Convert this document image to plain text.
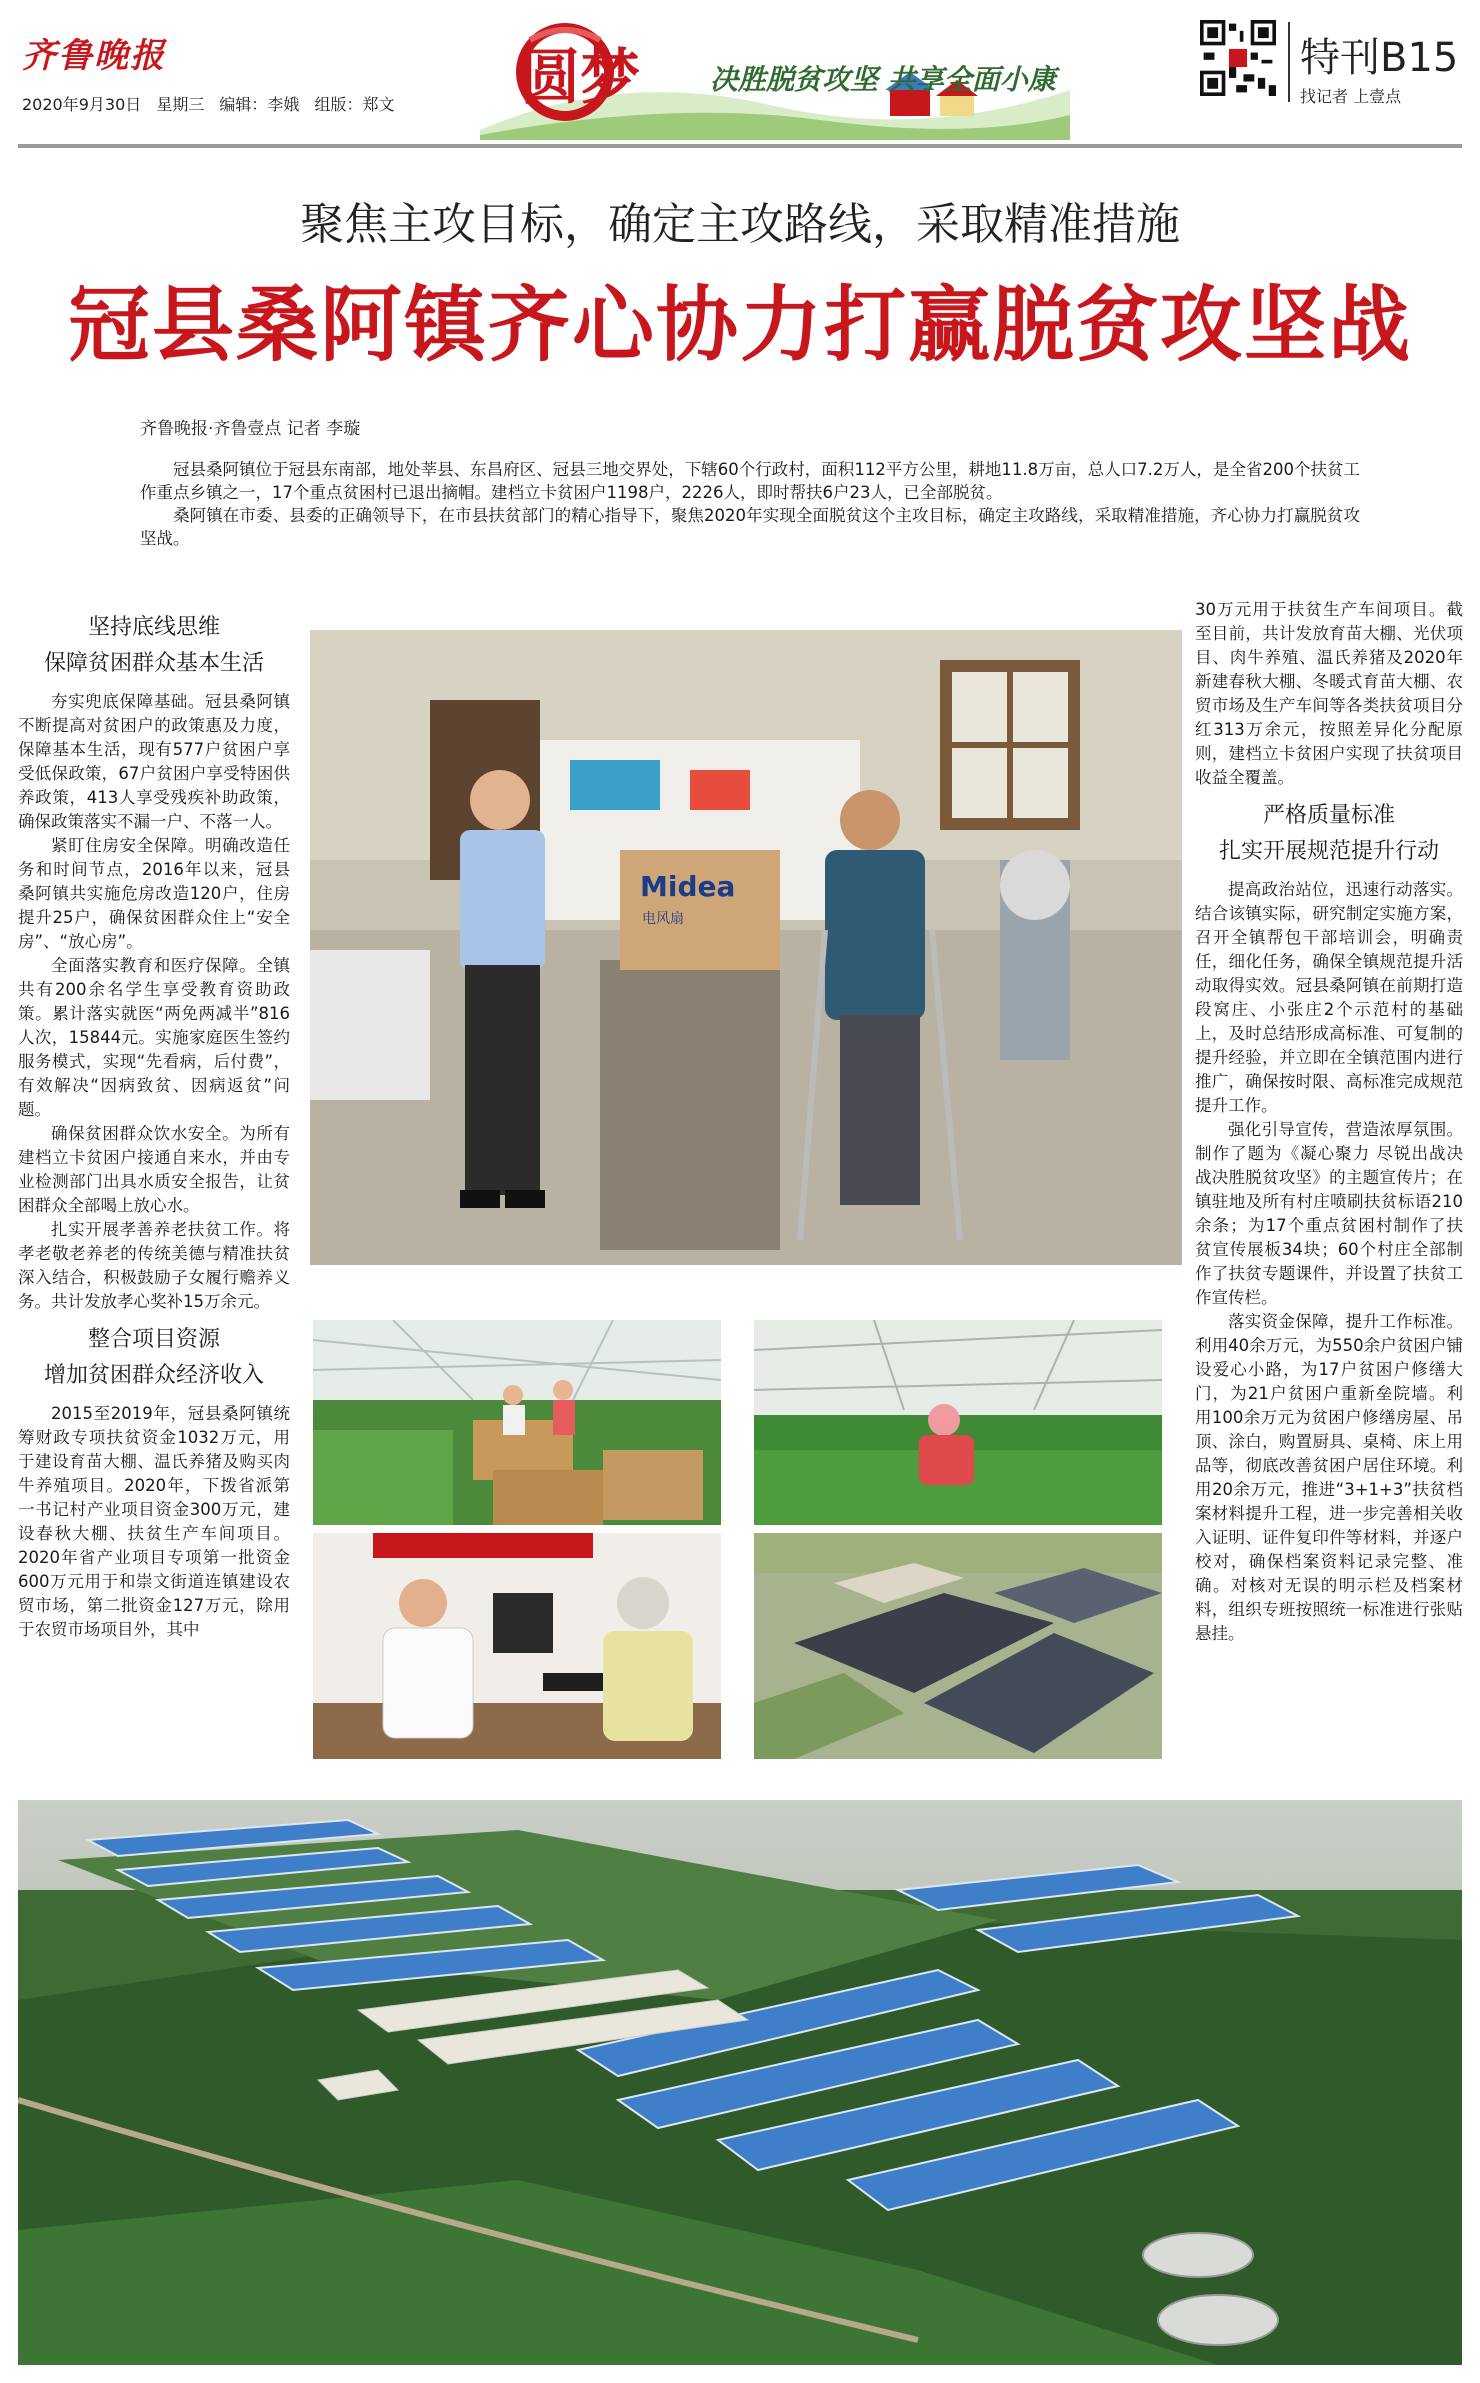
齐鲁晚报
2020年9月30日 星期三 编辑：李娥 组版：郑文 圆梦	决胜脱贫攻坚 共享全面小康	特刊B15
找记者 上壹点
聚焦主攻目标，确定主攻路线，采取精准措施
冠县桑阿镇齐心协力打赢脱贫攻坚战
齐鲁晚报·齐鲁壹点 记者 李璇

冠县桑阿镇位于冠县东南部，地处莘县、东昌府区、冠县三地交界处，下辖60个行政村，面积112平方公里，耕地11.8万亩，总人口7.2万人，是全省200个扶贫工作重点乡镇之一，17个重点贫困村已退出摘帽。建档立卡贫困户1198户，2226人，即时帮扶6户23人，已全部脱贫。

桑阿镇在市委、县委的正确领导下，在市县扶贫部门的精心指导下，聚焦2020年实现全面脱贫这个主攻目标，确定主攻路线，采取精准措施，齐心协力打赢脱贫攻坚战。

坚持底线思维
保障贫困群众基本生活

夯实兜底保障基础。冠县桑阿镇不断提高对贫困户的政策惠及力度，保障基本生活，现有577户贫困户享受低保政策，67户贫困户享受特困供养政策，413人享受残疾补助政策，确保政策落实不漏一户、不落一人。

紧盯住房安全保障。明确改造任务和时间节点，2016年以来，冠县桑阿镇共实施危房改造120户，住房提升25户，确保贫困群众住上“安全房”、“放心房”。

全面落实教育和医疗保障。全镇共有200余名学生享受教育资助政策。累计落实就医“两免两减半”816人次，15844元。实施家庭医生签约服务模式，实现“先看病，后付费”，有效解决“因病致贫、因病返贫”问题。

确保贫困群众饮水安全。为所有建档立卡贫困户接通自来水，并由专业检测部门出具水质安全报告，让贫困群众全部喝上放心水。

扎实开展孝善养老扶贫工作。将孝老敬老养老的传统美德与精准扶贫深入结合，积极鼓励子女履行赡养义务。共计发放孝心奖补15万余元。

整合项目资源
增加贫困群众经济收入

2015至2019年，冠县桑阿镇统筹财政专项扶贫资金1032万元，用于建设育苗大棚、温氏养猪及购买肉牛养殖项目。2020年，下拨省派第一书记村产业项目资金300万元，建设春秋大棚、扶贫生产车间项目。2020年省产业项目专项第一批资金600万元用于和崇文街道连镇建设农贸市场，第二批资金127万元，除用于农贸市场项目外，其中

30万元用于扶贫生产车间项目。截至目前，共计发放育苗大棚、光伏项目、肉牛养殖、温氏养猪及2020年新建春秋大棚、冬暖式育苗大棚、农贸市场及生产车间等各类扶贫项目分红313万余元，按照差异化分配原则，建档立卡贫困户实现了扶贫项目收益全覆盖。

严格质量标准
扎实开展规范提升行动

提高政治站位，迅速行动落实。结合该镇实际，研究制定实施方案，召开全镇帮包干部培训会，明确责任，细化任务，确保全镇规范提升活动取得实效。冠县桑阿镇在前期打造段窝庄、小张庄2个示范村的基础上，及时总结形成高标准、可复制的提升经验，并立即在全镇范围内进行推广，确保按时限、高标准完成规范提升工作。

强化引导宣传，营造浓厚氛围。制作了题为《凝心聚力 尽锐出战决战决胜脱贫攻坚》的主题宣传片；在镇驻地及所有村庄喷刷扶贫标语210余条；为17个重点贫困村制作了扶贫宣传展板34块；60个村庄全部制作了扶贫专题课件，并设置了扶贫工作宣传栏。

落实资金保障，提升工作标准。利用40余万元，为550余户贫困户铺设爱心小路，为17户贫困户修缮大门，为21户贫困户重新垒院墙。利用100余万元为贫困户修缮房屋、吊顶、涂白，购置厨具、桌椅、床上用品等，彻底改善贫困户居住环境。利用20余万元，推进“3+1+3”扶贫档案材料提升工程，进一步完善相关收入证明、证件复印件等材料，并逐户校对，确保档案资料记录完整、准确。对核对无误的明示栏及档案材料，组织专班按照统一标准进行张贴悬挂。

Midea
电风扇
